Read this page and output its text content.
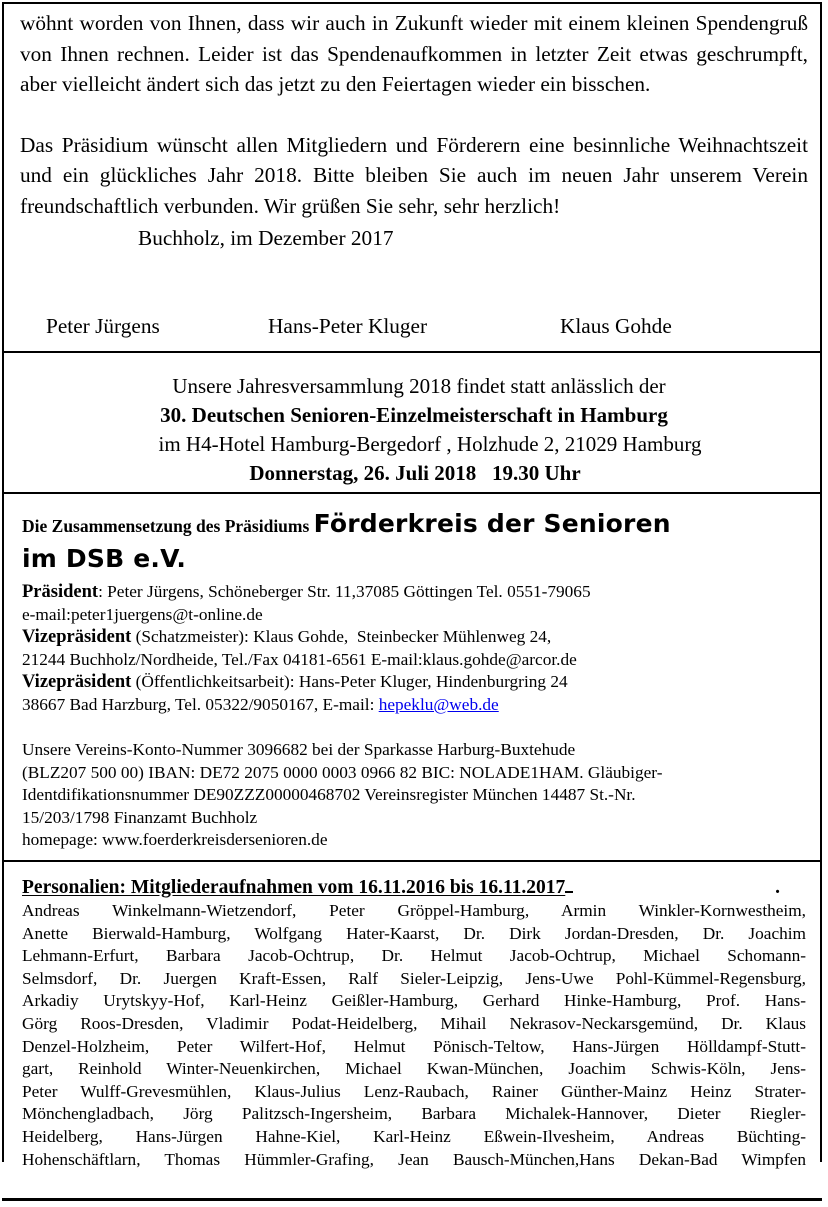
wöhnt worden von Ihnen, dass wir auch in Zukunft wieder mit einem kleinen Spendengruß von Ihnen rechnen. Leider ist das Spendenaufkommen in letzter Zeit etwas geschrumpft, aber vielleicht ändert sich das jetzt zu den Feiertagen wieder ein bisschen.

Das Präsidium wünscht allen Mitgliedern und Förderern eine besinnliche Weihnachtszeit und ein glückliches Jahr 2018. Bitte bleiben Sie auch im neuen Jahr unserem Verein freundschaftlich verbunden. Wir grüßen Sie sehr, sehr herzlich!

Buchholz, im Dezember 2017
Peter Jürgens	Hans-Peter Kluger	Klaus Gohde
Unsere Jahresversammlung 2018 findet statt anlässlich der
30. Deutschen Senioren-Einzelmeisterschaft in Hamburg
im H4-Hotel Hamburg-Bergedorf , Holzhude 2, 21029 Hamburg
Donnerstag, 26. Juli 2018   19.30 Uhr
Die Zusammensetzung des Präsidiums Förderkreis der Senioren
im DSB e.V.
Präsident: Peter Jürgens, Schöneberger Str. 11,37085 Göttingen Tel. 0551-79065
e-mail:peter1juergens@t-online.de
Vizepräsident (Schatzmeister): Klaus Gohde,  Steinbecker Mühlenweg 24,
21244 Buchholz/Nordheide, Tel./Fax 04181-6561 E-mail:klaus.gohde@arcor.de
Vizepräsident (Öffentlichkeitsarbeit): Hans-Peter Kluger, Hindenburgring 24
38667 Bad Harzburg, Tel. 05322/9050167, E-mail: hepeklu@web.de
Unsere Vereins-Konto-Nummer 3096682 bei der Sparkasse Harburg-Buxtehude
(BLZ207 500 00) IBAN: DE72 2075 0000 0003 0966 82 BIC: NOLADE1HAM. Gläubiger-
Identdifikationsnummer DE90ZZZ00000468702 Vereinsregister München 14487 St.-Nr.
15/203/1798 Finanzamt Buchholz
homepage: www.foerderkreisdersenioren.de
Personalien: Mitgliederaufnahmen vom 16.11.2016 bis 16.11.2017	.

Andreas Winkelmann-Wietzendorf, Peter Gröppel-Hamburg, Armin Winkler-Kornwestheim,

Anette Bierwald-Hamburg, Wolfgang Hater-Kaarst, Dr. Dirk Jordan-Dresden, Dr. Joachim

Lehmann-Erfurt, Barbara Jacob-Ochtrup, Dr. Helmut Jacob-Ochtrup, Michael Schomann-

Selmsdorf, Dr. Juergen Kraft-Essen, Ralf Sieler-Leipzig, Jens-Uwe Pohl-Kümmel-Regensburg,

Arkadiy Urytskyy-Hof, Karl-Heinz Geißler-Hamburg, Gerhard Hinke-Hamburg, Prof. Hans-

Görg Roos-Dresden, Vladimir Podat-Heidelberg, Mihail Nekrasov-Neckarsgemünd, Dr. Klaus

Denzel-Holzheim, Peter Wilfert-Hof, Helmut Pönisch-Teltow, Hans-Jürgen Hölldampf-Stutt-

gart, Reinhold Winter-Neuenkirchen, Michael Kwan-München, Joachim Schwis-Köln, Jens-

Peter Wulff-Grevesmühlen, Klaus-Julius Lenz-Raubach, Rainer Günther-Mainz Heinz Strater-

Mönchengladbach, Jörg Palitzsch-Ingersheim, Barbara Michalek-Hannover, Dieter Riegler-

Heidelberg, Hans-Jürgen Hahne-Kiel, Karl-Heinz Eßwein-Ilvesheim, Andreas Büchting-

Hohenschäftlarn, Thomas Hümmler-Grafing, Jean Bausch-München,Hans Dekan-Bad Wimpfen
